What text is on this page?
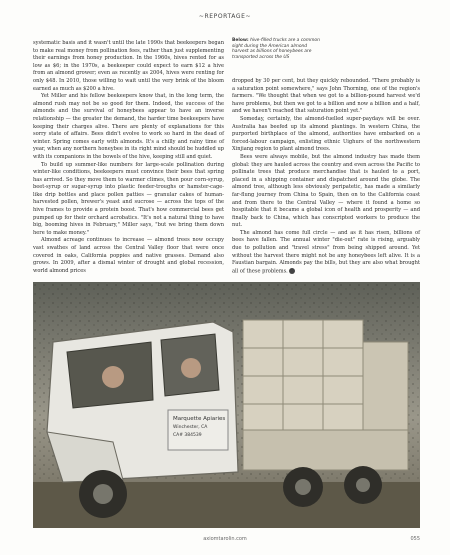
~REPORTAGE~

systematic basis and it wasn't until the late 1990s that beekeepers began to make real money from pollination fees, rather than just supplementing their earnings from honey production. In the 1960s, hives rented for as low as $6; in the 1970s, a beekeeper could expect to earn $12 a hive from an almond grower; even as recently as 2004, hives were renting for only $48. In 2010, those willing to wait until the very brink of the bloom earned as much as $200 a hive.

Yet Miller and his fellow beekeepers know that, in the long term, the almond rush may not be so good for them. Indeed, the success of the almonds and the survival of honeybees appear to have an inverse relationship — the greater the demand, the harder time beekeepers have keeping their charges alive. There are plenty of explanations for this sorry state of affairs. Bees didn't evolve to work so hard in the dead of winter. Spring comes early with almonds. It's a chilly and rainy time of year, when any northern honeybee in its right mind should be huddled up with its companions in the bowels of the hive, keeping still and quiet.

To build up summer-like numbers for large-scale pollination during winter-like conditions, beekeepers must convince their bees that spring has arrived. So they move them to warmer climes, then pour corn-syrup, beet-syrup or sugar-syrup into plastic feeder-troughs or hamster-cage-like drip bottles and place pollen patties — granular cakes of human-harvested pollen, brewer's yeast and sucrose — across the tops of the hive frames to provide a protein boost. That's how commercial bees get pumped up for their orchard acrobatics. "It's not a natural thing to have big, booming hives in February," Miller says, "but we bring them down here to make money."

Almond acreage continues to increase — almond trees now occupy vast swathes of land across the Central Valley floor that were once covered in oaks, California poppies and native grasses. Demand also grows. In 2009, after a dismal winter of drought and global recession, world almond prices

Below: hive-filled trucks are a common sight during the American almond harvest as billions of honeybees are transported across the US

dropped by 30 per cent, but they quickly rebounded. "There probably is a saturation point somewhere," says John Thorning, one of the region's farmers. "We thought that when we got to a billion-pound harvest we'd have problems, but then we got to a billion and now a billion and a half, and we haven't reached that saturation point yet."

Someday, certainly, the almond-fuelled super-paydays will be over. Australia has beefed up its almond plantings. In western China, the purported birthplace of the almond, authorities have embarked on a forced-labour campaign, enlisting ethnic Uighurs of the northwestern Xinjiang region to plant almond trees.

Bees were always mobile, but the almond industry has made them global: they are hauled across the country and even across the Pacific to pollinate trees that produce merchandise that is hauled to a port, placed in a shipping container and dispatched around the globe. The almond tree, although less obviously peripatetic, has made a similarly far-flung journey from China to Spain, then on to the California coast and from there to the Central Valley — where it found a home so hospitable that it became a global icon of health and prosperity — and finally back to China, which has conscripted workers to produce the nut.

The almond has come full circle — and as it has risen, billions of bees have fallen. The annual winter "die-out" rate is rising, arguably due to pollution and "travel stress" from being shipped around. Yet without the harvest there might not be any honeybees left alive. It is a Faustian bargain. Almonds pay the bills, but they are also what brought all of these problems. G

Marquette Apiaries
Winchester, CA
CA# 384539
axiomtarolin.com	055
